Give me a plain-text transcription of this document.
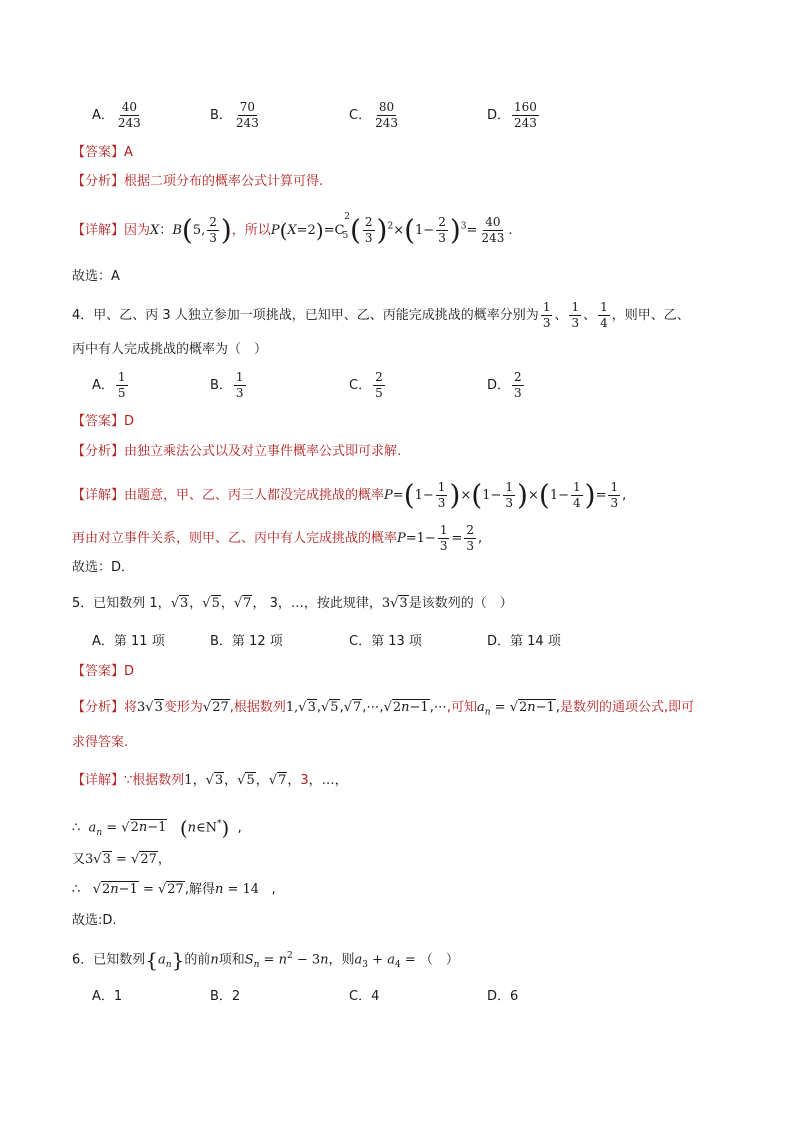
A． $\frac{40}{243}$	B． $\frac{70}{243}$	C． $\frac{80}{243}$	D． $\frac{160}{243}$
【答案】A
【分析】根据二项分布的概率公式计算可得.
【详解】因为X：B(5, $\frac{2}{3}$ )，所以$P(X=2)=C_5^2( \frac{2}{3} )^2\times(1- \frac{2}{3} )^3= \frac{40}{243}$ .
故选：A
4．甲、乙、丙 3 人独立参加一项挑战，已知甲、乙、丙能完成挑战的概率分别为 $\frac{1}{3}$ 、 $\frac{1}{3}$ 、 $\frac{1}{4}$ ，则甲、乙、
丙中有人完成挑战的概率为（　）
A． $\frac{1}{5}$	B． $\frac{1}{3}$	C． $\frac{2}{5}$	D． $\frac{2}{3}$
【答案】D
【分析】由独立乘法公式以及对立事件概率公式即可求解.
【详解】由题意，甲、乙、丙三人都没完成挑战的概率$P=(1- \frac{1}{3} )\times(1- \frac{1}{3} )\times(1- \frac{1}{4}$ )= $\frac{1}{3}$ ,
再由对立事件关系，则甲、乙、丙中有人完成挑战的概率$P=1- \frac{1}{3} = \frac{2}{3}$ ,
故选：D．
5．已知数列 1，√3，√5，√7， 3，…，按此规律，3√3是该数列的（　）
A．第 11 项	B．第 12 项	C．第 13 项	D．第 14 项
【答案】D
【分析】将3√3变形为√27,根据数列1,√3,√5,√7,⋯,√2n−1,⋯,可知$a_n = √2n-1$,是数列的通项公式,即可
求得答案.
【详解】∵根据数列1，√3，√5，√7，3，…，
∴ $a_n = √2n-1$ (n∈N*)  ,
又3√3 = √27，
∴ √2n−1 = √27,解得n = 14   ,
故选:D.
6．已知数列$\{a_n\}$的前n项和$S_n = n^2 - 3n$，则$a_3 + a_4$ = （　）
A．1	B．2	C．4	D．6
